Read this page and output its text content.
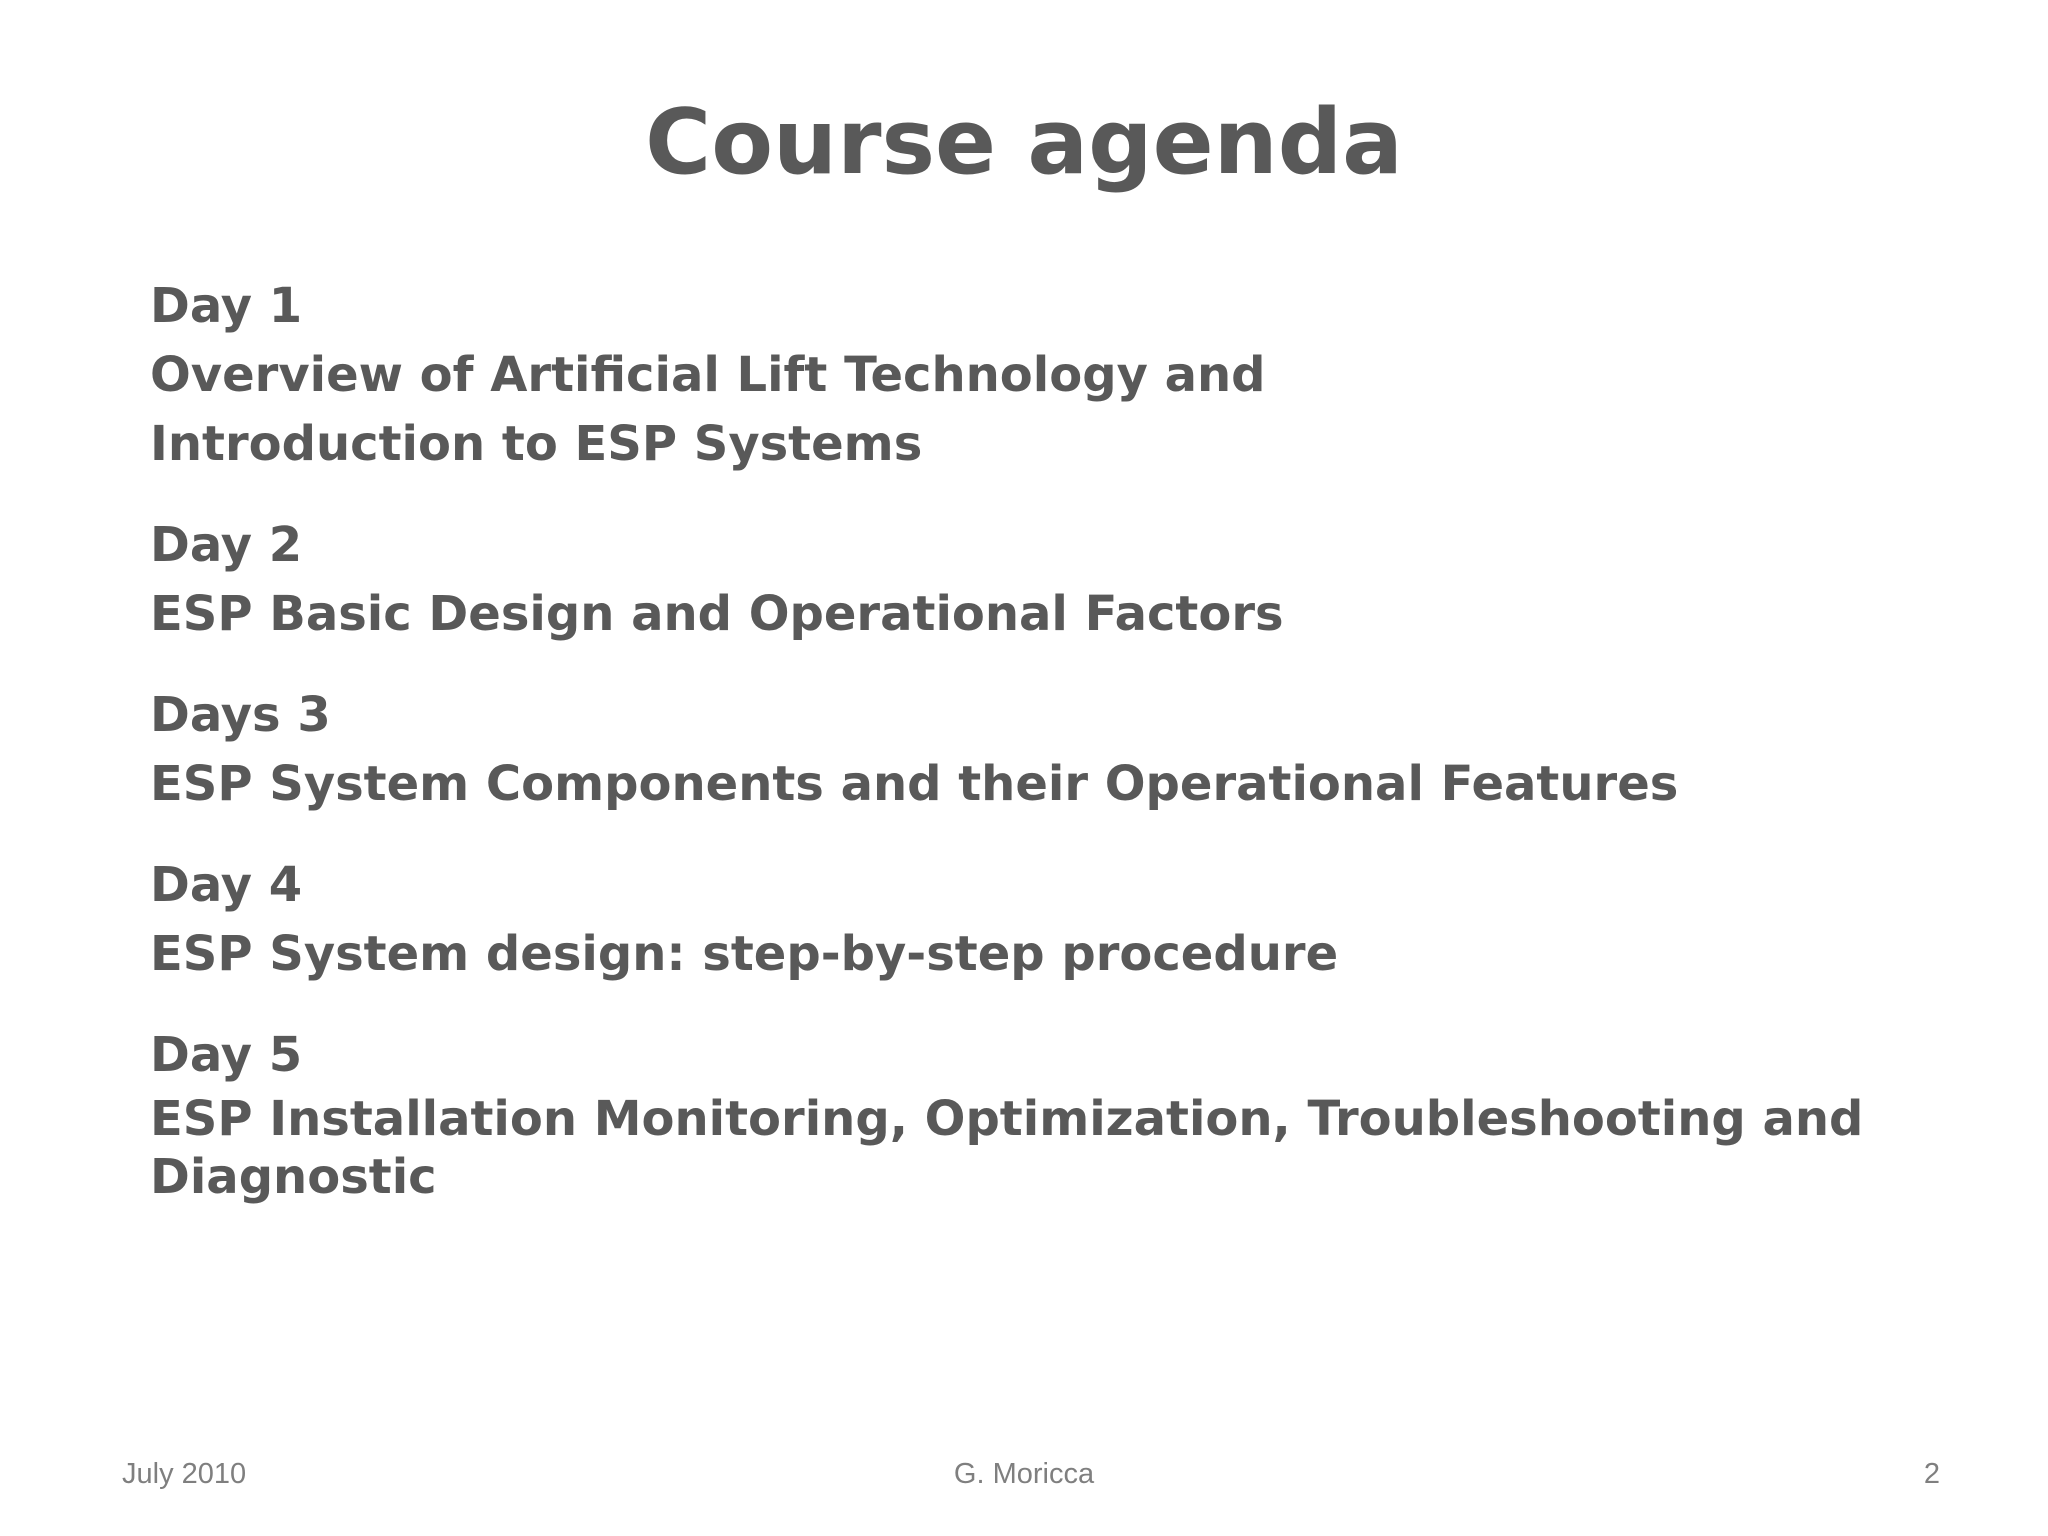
Course agenda
Day 1
Overview of Artificial Lift Technology and
Introduction to ESP Systems
Day 2
ESP Basic Design and Operational Factors
Days 3
ESP System Components and their Operational Features
Day 4
ESP System design: step-by-step procedure
Day 5
ESP Installation Monitoring, Optimization, Troubleshooting and Diagnostic
July 2010	G. Moricca	2
